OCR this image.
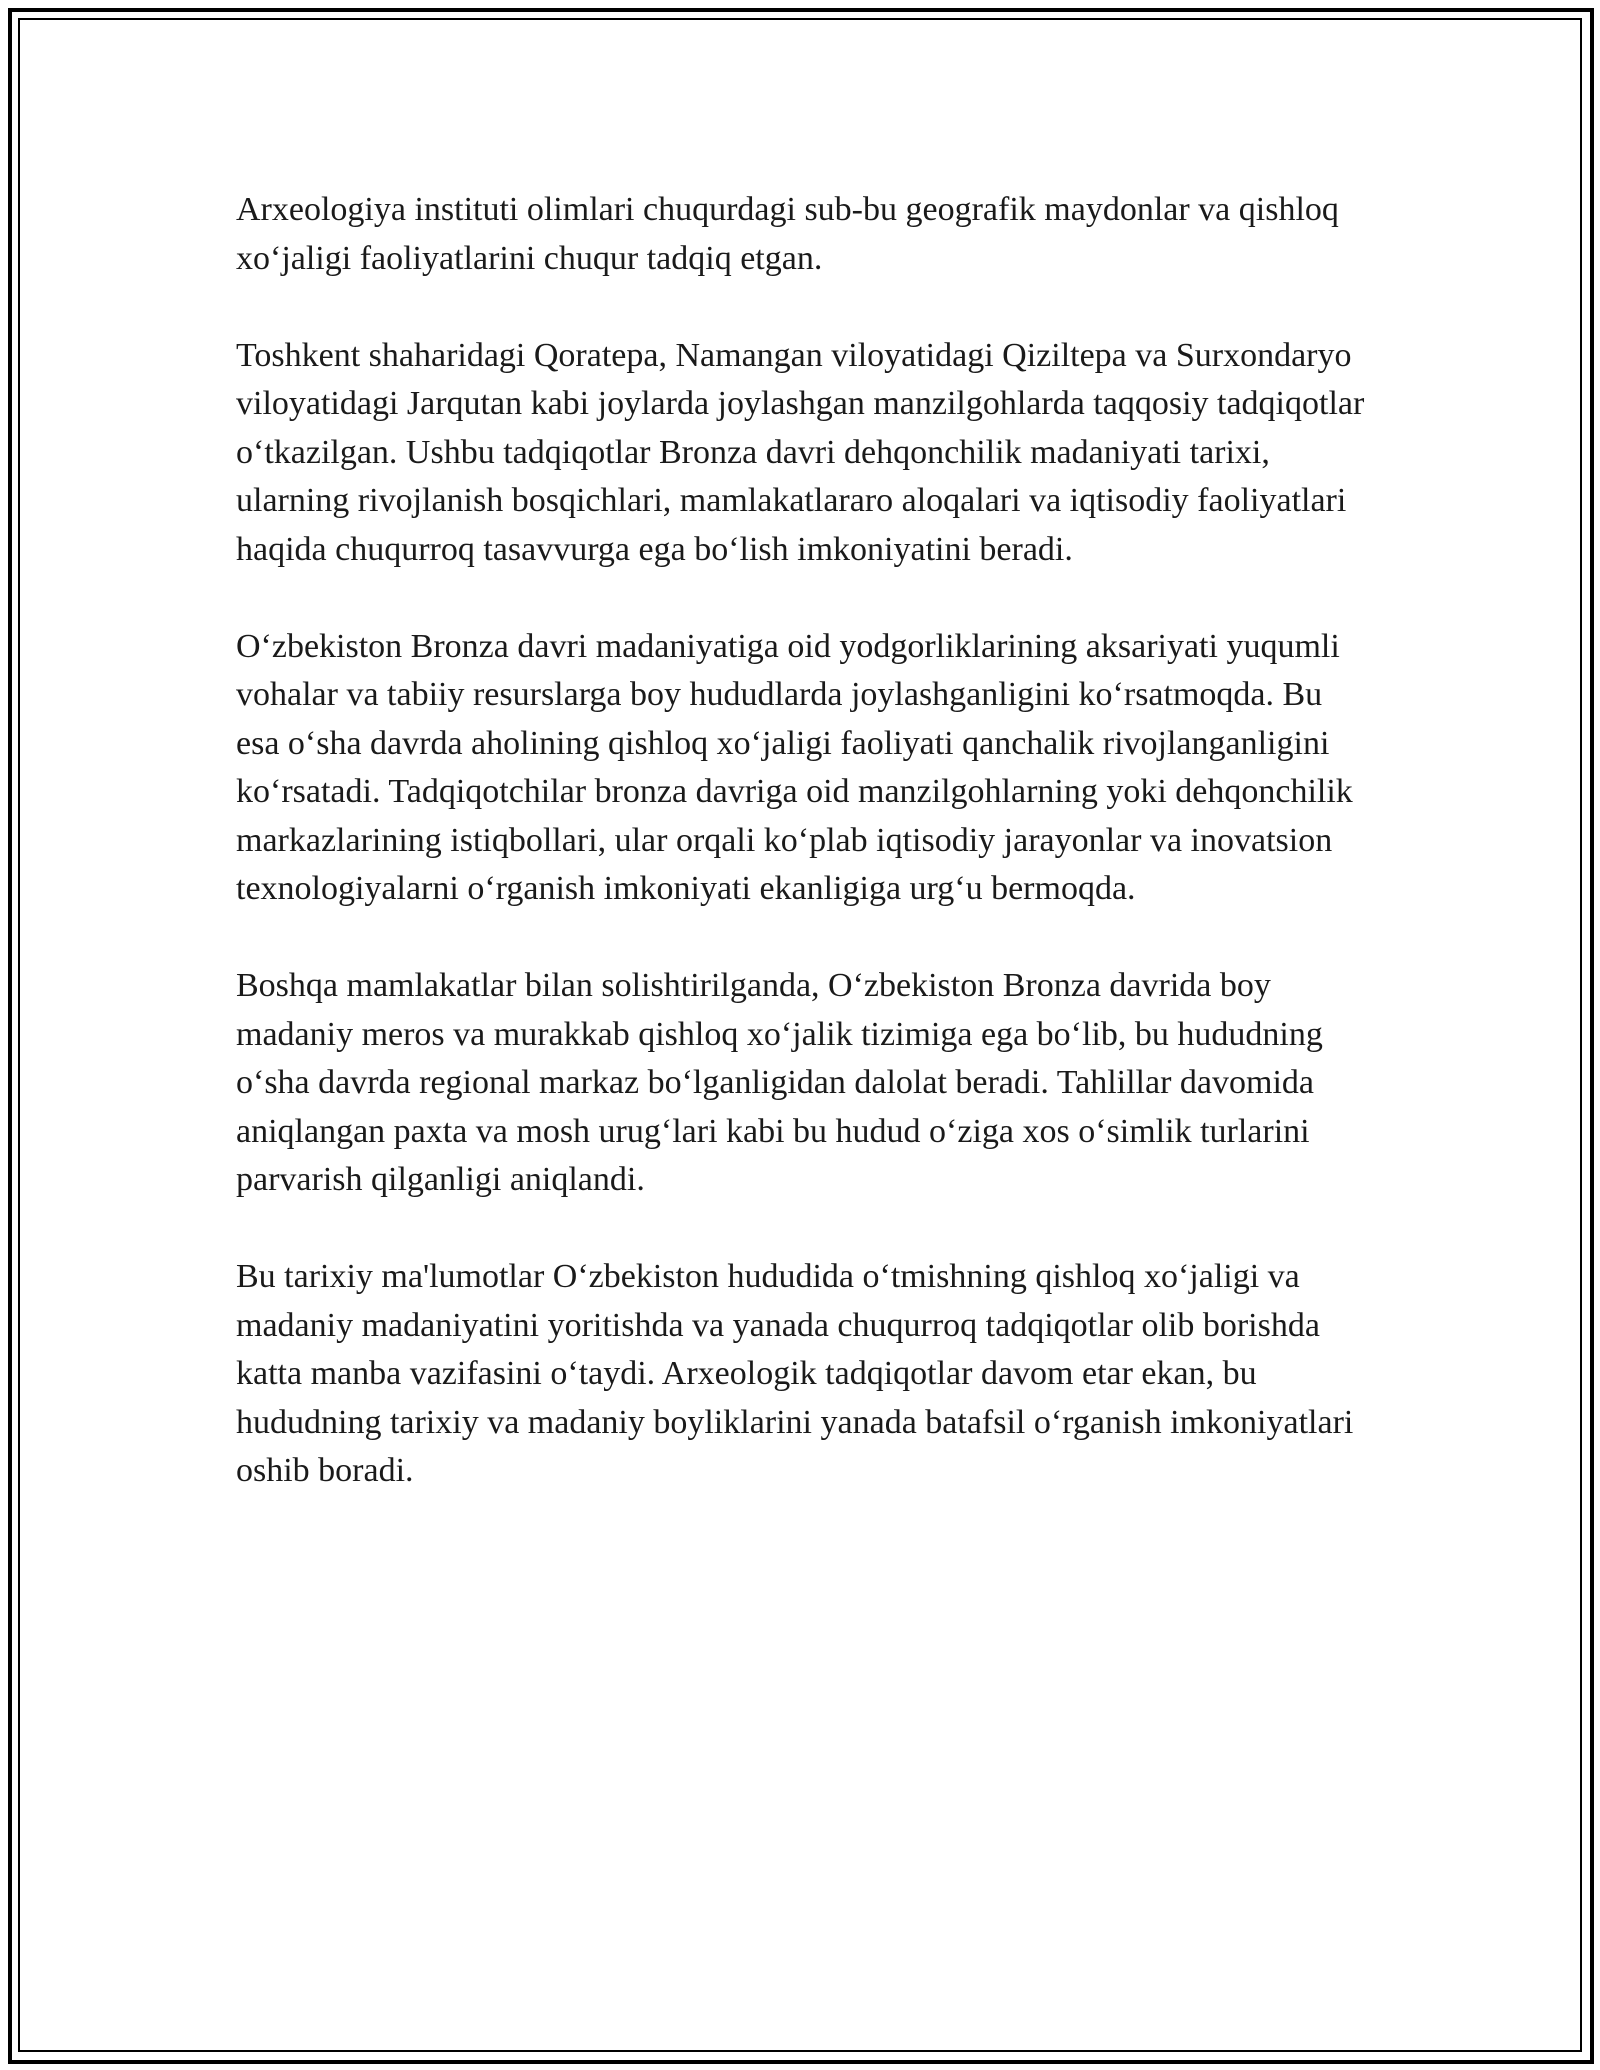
Arxeologiya instituti olimlari chuqurdagi sub-bu geografik maydonlar va qishloq xo‘jaligi faoliyatlarini chuqur tadqiq etgan.

Toshkent shaharidagi Qoratepa, Namangan viloyatidagi Qiziltepa va Surxondaryo viloyatidagi Jarqutan kabi joylarda joylashgan manzilgohlarda taqqosiy tadqiqotlar o‘tkazilgan. Ushbu tadqiqotlar Bronza davri dehqonchilik madaniyati tarixi, ularning rivojlanish bosqichlari, mamlakatlararo aloqalari va iqtisodiy faoliyatlari haqida chuqurroq tasavvurga ega bo‘lish imkoniyatini beradi.

O‘zbekiston Bronza davri madaniyatiga oid yodgorliklarining aksariyati yuqumli vohalar va tabiiy resurslarga boy hududlarda joylashganligini ko‘rsatmoqda. Bu esa o‘sha davrda aholining qishloq xo‘jaligi faoliyati qanchalik rivojlanganligini ko‘rsatadi. Tadqiqotchilar bronza davriga oid manzilgohlarning yoki dehqonchilik markazlarining istiqbollari, ular orqali ko‘plab iqtisodiy jarayonlar va inovatsion texnologiyalarni o‘rganish imkoniyati ekanligiga urg‘u bermoqda.

Boshqa mamlakatlar bilan solishtirilganda, O‘zbekiston Bronza davrida boy madaniy meros va murakkab qishloq xo‘jalik tizimiga ega bo‘lib, bu hududning o‘sha davrda regional markaz bo‘lganligidan dalolat beradi. Tahlillar davomida aniqlangan paxta va mosh urug‘lari kabi bu hudud o‘ziga xos o‘simlik turlarini parvarish qilganligi aniqlandi.

Bu tarixiy ma'lumotlar O‘zbekiston hududida o‘tmishning qishloq xo‘jaligi va madaniy madaniyatini yoritishda va yanada chuqurroq tadqiqotlar olib borishda katta manba vazifasini o‘taydi. Arxeologik tadqiqotlar davom etar ekan, bu hududning tarixiy va madaniy boyliklarini yanada batafsil o‘rganish imkoniyatlari oshib boradi.
